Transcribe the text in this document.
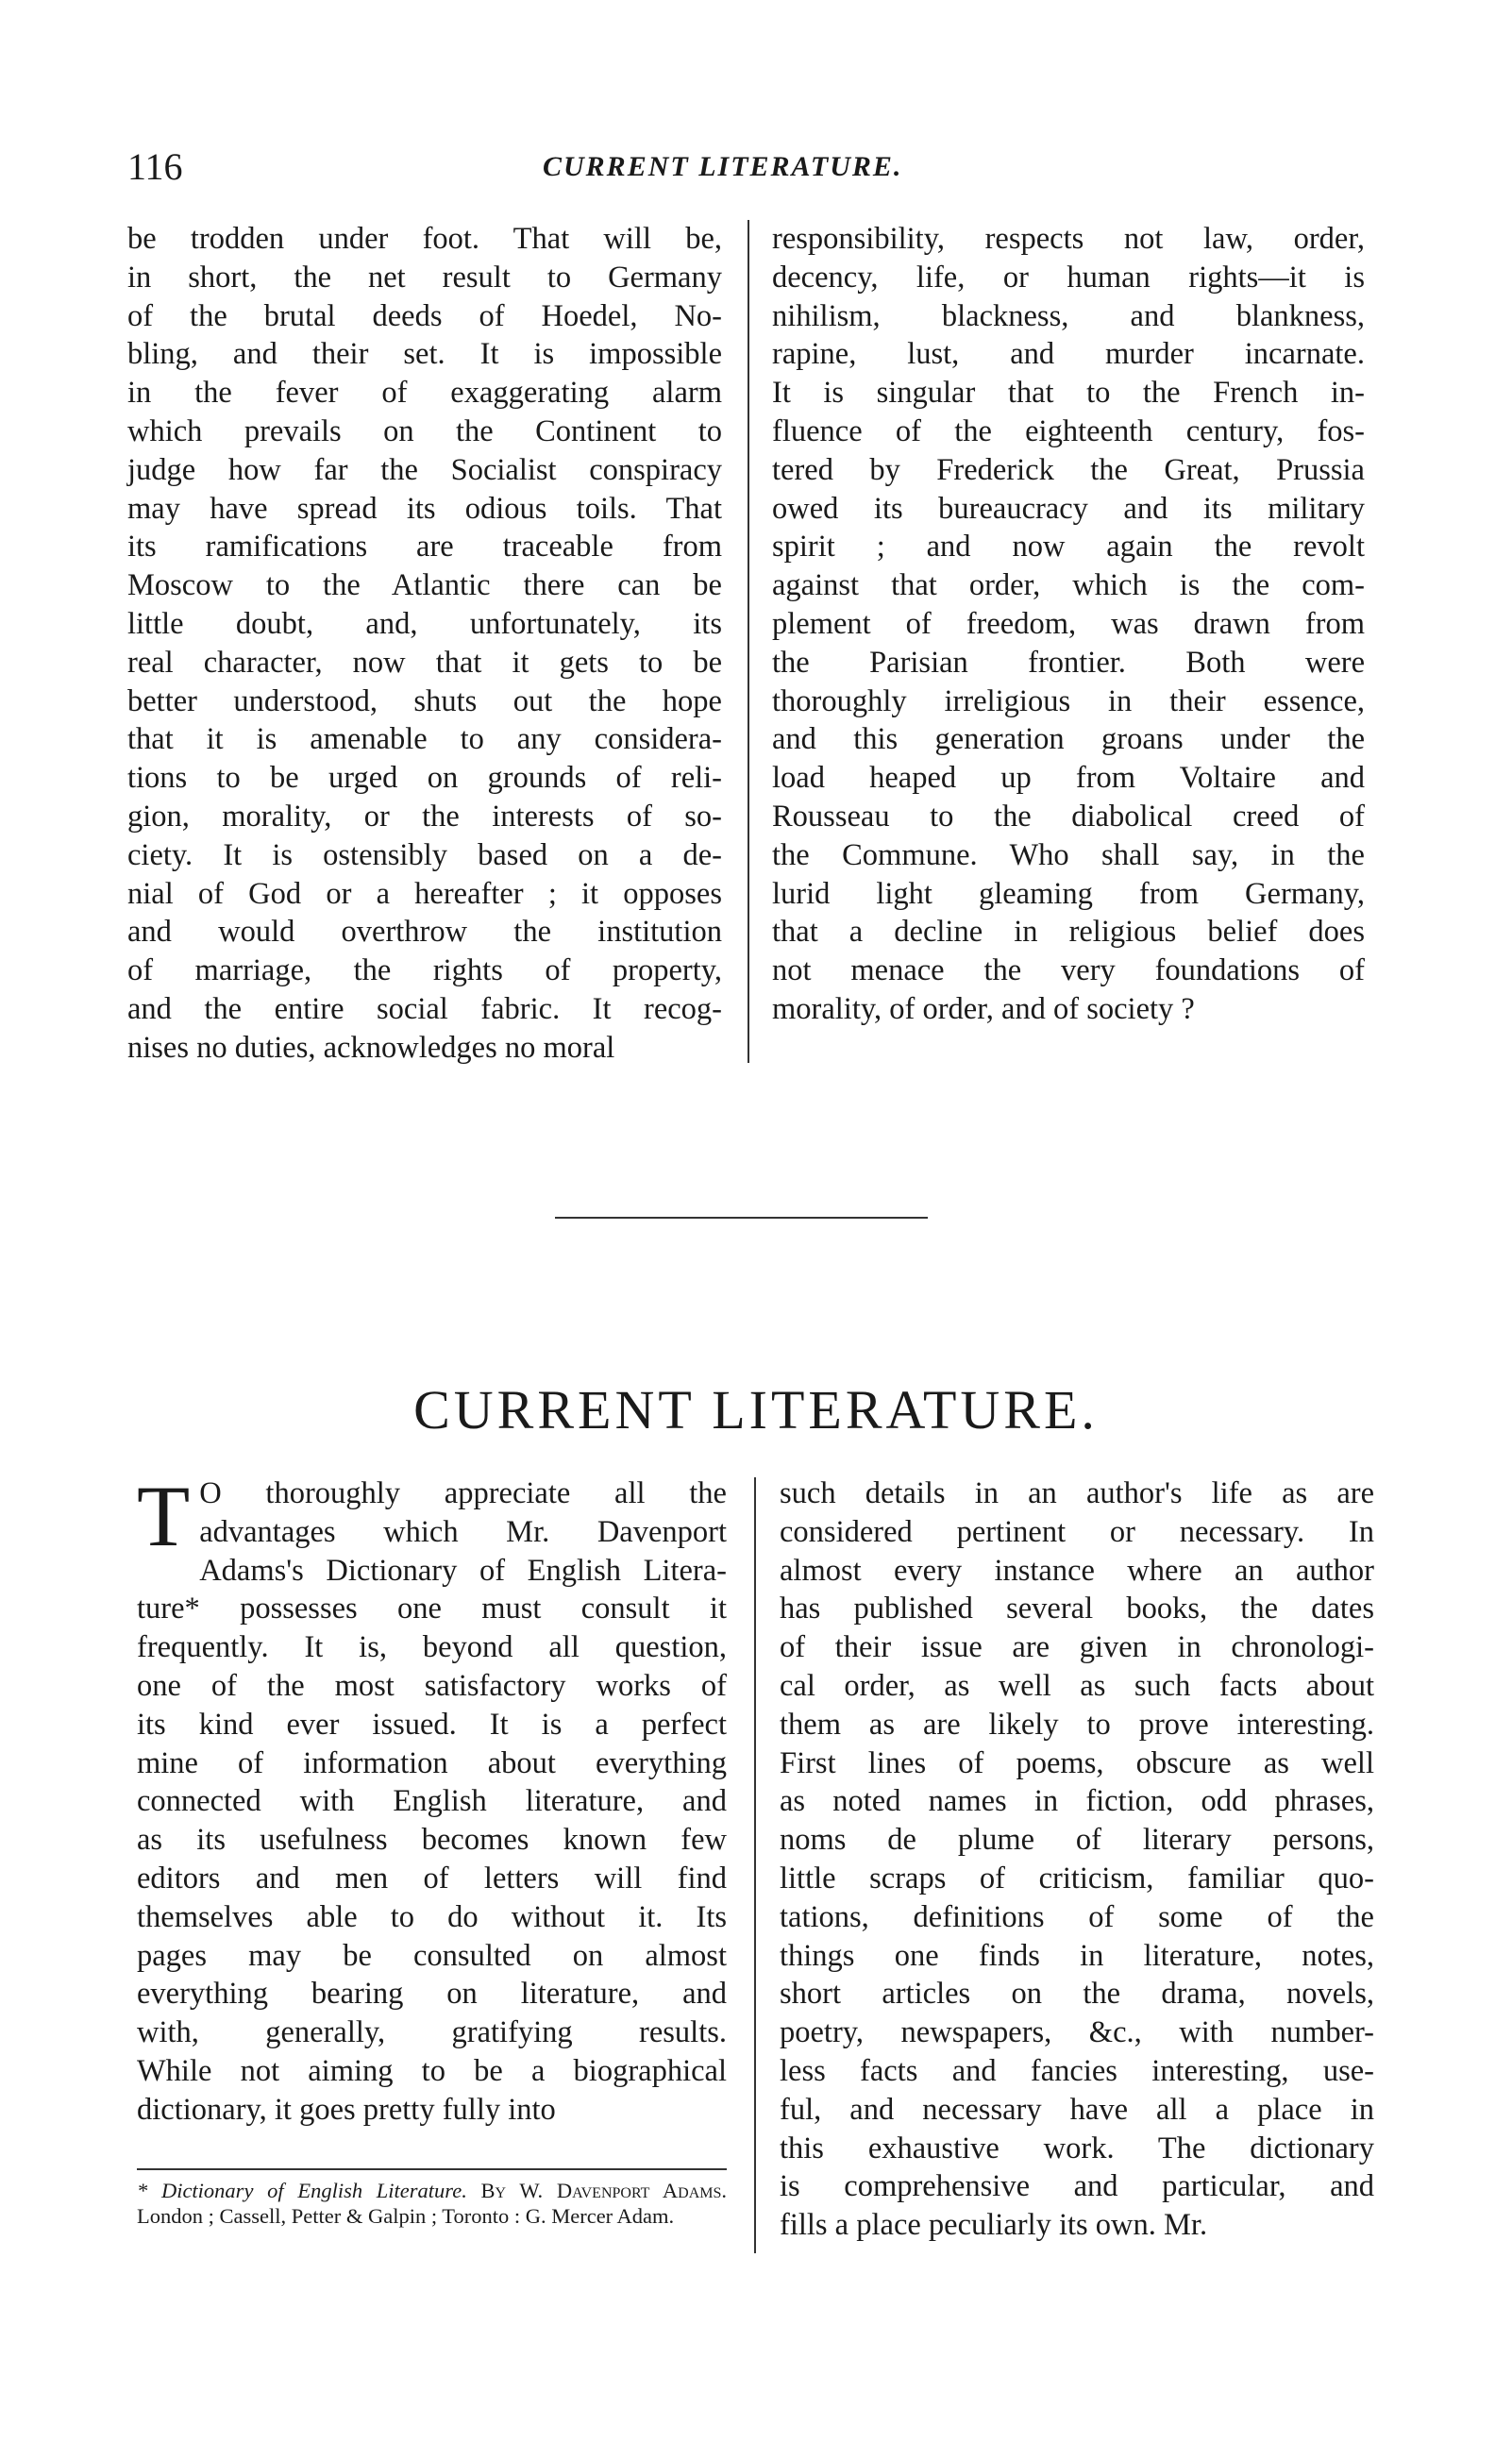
116	CURRENT LITERATURE.
be trodden under foot. That will be,
in short, the net result to Germany
of the brutal deeds of Hoedel, No-
bling, and their set. It is impossible
in the fever of exaggerating alarm
which prevails on the Continent to
judge how far the Socialist conspiracy
may have spread its odious toils. That
its ramifications are traceable from
Moscow to the Atlantic there can be
little doubt, and, unfortunately, its
real character, now that it gets to be
better understood, shuts out the hope
that it is amenable to any considera-
tions to be urged on grounds of reli-
gion, morality, or the interests of so-
ciety. It is ostensibly based on a de-
nial of God or a hereafter ; it opposes
and would overthrow the institution
of marriage, the rights of property,
and the entire social fabric. It recog-
nises no duties, acknowledges no moral
responsibility, respects not law, order,
decency, life, or human rights—it is
nihilism, blackness, and blankness,
rapine, lust, and murder incarnate.
It is singular that to the French in-
fluence of the eighteenth century, fos-
tered by Frederick the Great, Prussia
owed its bureaucracy and its military
spirit ; and now again the revolt
against that order, which is the com-
plement of freedom, was drawn from
the Parisian frontier. Both were
thoroughly irreligious in their essence,
and this generation groans under the
load heaped up from Voltaire and
Rousseau to the diabolical creed of
the Commune. Who shall say, in the
lurid light gleaming from Germany,
that a decline in religious belief does
not menace the very foundations of
morality, of order, and of society ?
CURRENT LITERATURE.
T O thoroughly appreciate all the
advantages which Mr. Davenport
Adams's Dictionary of English Litera-
ture* possesses one must consult it
frequently. It is, beyond all question,
one of the most satisfactory works of
its kind ever issued. It is a perfect
mine of information about everything
connected with English literature, and
as its usefulness becomes known few
editors and men of letters will find
themselves able to do without it. Its
pages may be consulted on almost
everything bearing on literature, and
with, generally, gratifying results.
While not aiming to be a biographical
dictionary, it goes pretty fully into
such details in an author's life as are
considered pertinent or necessary. In
almost every instance where an author
has published several books, the dates
of their issue are given in chronologi-
cal order, as well as such facts about
them as are likely to prove interesting.
First lines of poems, obscure as well
as noted names in fiction, odd phrases,
noms de plume of literary persons,
little scraps of criticism, familiar quo-
tations, definitions of some of the
things one finds in literature, notes,
short articles on the drama, novels,
poetry, newspapers, &c., with number-
less facts and fancies interesting, use-
ful, and necessary have all a place in
this exhaustive work. The dictionary
is comprehensive and particular, and
fills a place peculiarly its own. Mr.
* Dictionary of English Literature. By W. Davenport Adams. London ; Cassell, Petter & Galpin ; Toronto : G. Mercer Adam.
